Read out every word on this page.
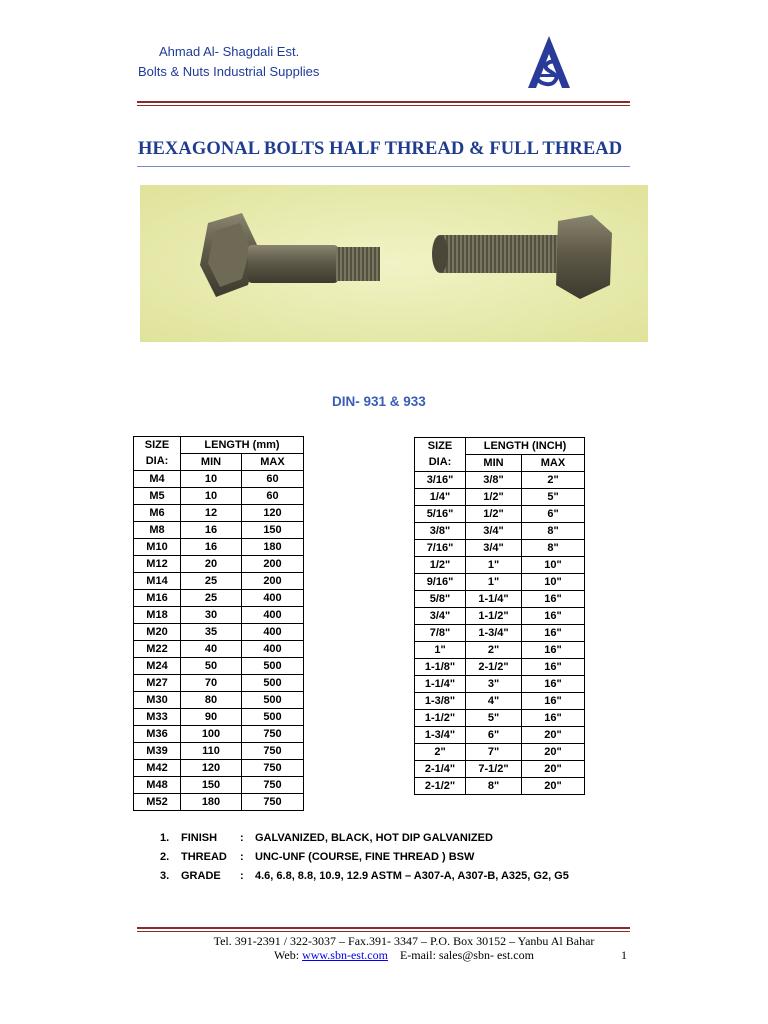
Ahmad Al- Shagdali Est.
Bolts & Nuts Industrial Supplies
HEXAGONAL BOLTS HALF THREAD & FULL THREAD
DIN- 931 & 933
SIZE	LENGTH (mm)	
DIA:	MIN	MAX
M4	10	60
M5	10	60
M6	12	120
M8	16	150
M10	16	180
M12	20	200
M14	25	200
M16	25	400
M18	30	400
M20	35	400
M22	40	400
M24	50	500
M27	70	500
M30	80	500
M33	90	500
M36	100	750
M39	110	750
M42	120	750
M48	150	750
M52	180	750
SIZE	LENGTH (INCH)	
DIA:	MIN	MAX
3/16"	3/8"	2"
1/4"	1/2"	5"
5/16"	1/2"	6"
3/8"	3/4"	8"
7/16"	3/4"	8"
1/2"	1"	10"
9/16"	1"	10"
5/8"	1-1/4"	16"
3/4"	1-1/2"	16"
7/8"	1-3/4"	16"
1"	2"	16"
1-1/8"	2-1/2"	16"
1-1/4"	3"	16"
1-3/8"	4"	16"
1-1/2"	5"	16"
1-3/4"	6"	20"
2"	7"	20"
2-1/4"	7-1/2"	20"
2-1/2"	8"	20"
1.	FINISH	:	GALVANIZED, BLACK, HOT DIP GALVANIZED
2.	THREAD	:	UNC-UNF (COURSE, FINE THREAD ) BSW
3.	GRADE	:	4.6, 6.8, 8.8, 10.9, 12.9 ASTM – A307-A, A307-B, A325, G2, G5
Tel. 391-2391 / 322-3037 – Fax.391- 3347 – P.O. Box 30152 – Yanbu Al Bahar
Web: www.sbn-est.com E-mail: sales@sbn- est.com	1
